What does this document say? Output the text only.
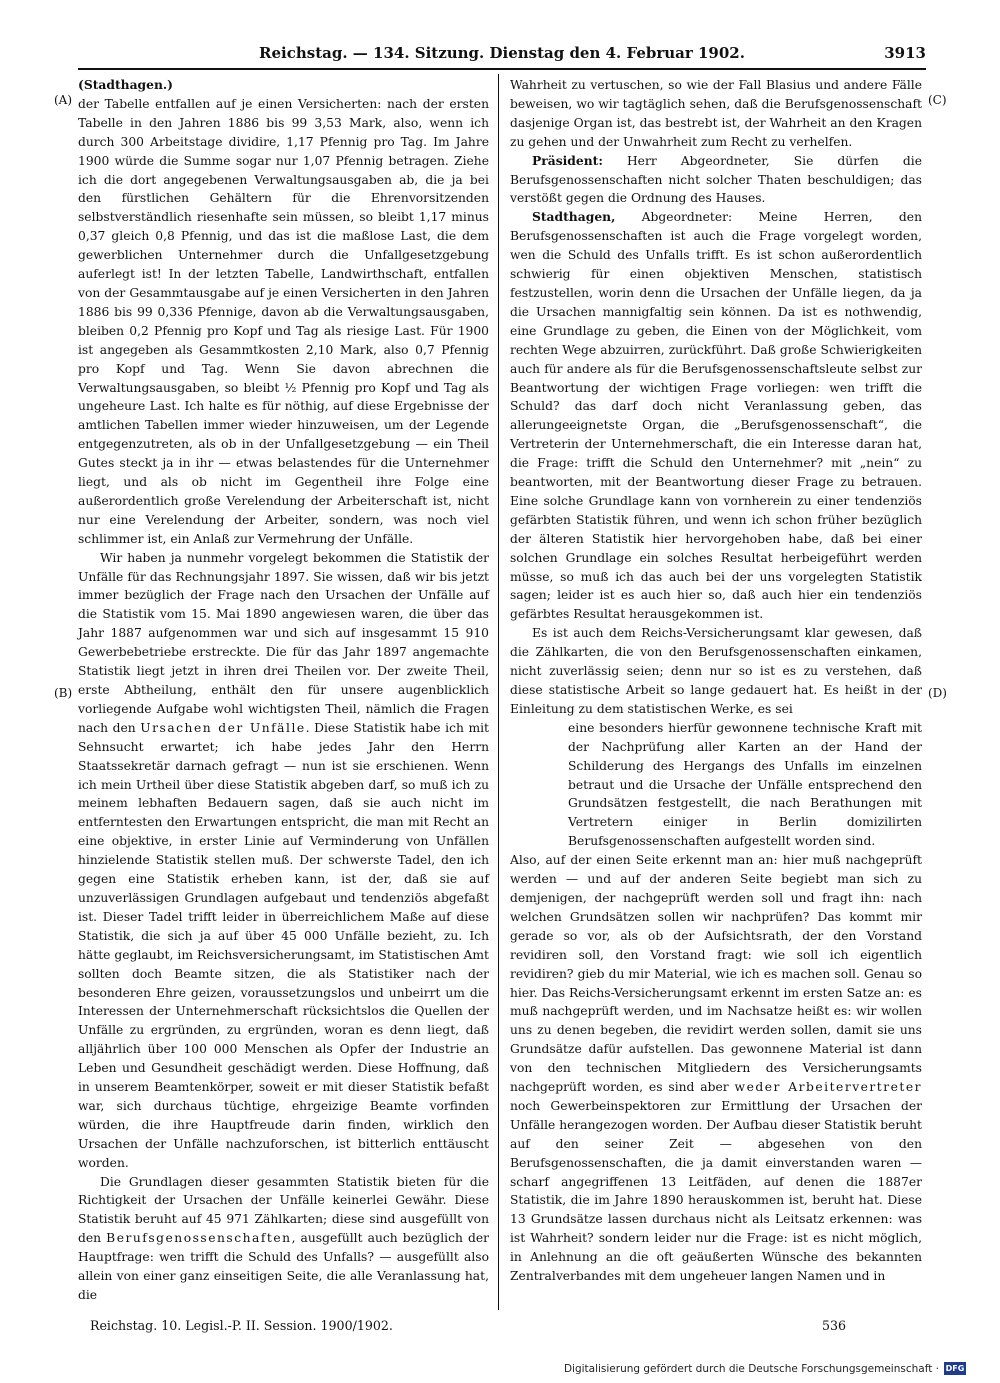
Reichstag. — 134. Sitzung. Dienstag den 4. Februar 1902.	3913
(A)
(B)
(C)
(D)

(Stadthagen.)

der Tabelle entfallen auf je einen Versicherten: nach der ersten Tabelle in den Jahren 1886 bis 99 3,53 Mark, also, wenn ich durch 300 Arbeitstage dividire, 1,17 Pfennig pro Tag. Im Jahre 1900 würde die Summe sogar nur 1,07 Pfennig betragen. Ziehe ich die dort angegebenen Verwaltungsausgaben ab, die ja bei den fürstlichen Gehältern für die Ehrenvorsitzenden selbstverständlich riesenhafte sein müssen, so bleibt 1,17 minus 0,37 gleich 0,8 Pfennig, und das ist die maßlose Last, die dem gewerblichen Unternehmer durch die Unfallgesetzgebung auferlegt ist! In der letzten Tabelle, Landwirthschaft, entfallen von der Gesammtausgabe auf je einen Versicherten in den Jahren 1886 bis 99 0,336 Pfennige, davon ab die Verwaltungsausgaben, bleiben 0,2 Pfennig pro Kopf und Tag als riesige Last. Für 1900 ist angegeben als Gesammtkosten 2,10 Mark, also 0,7 Pfennig pro Kopf und Tag. Wenn Sie davon abrechnen die Verwaltungsausgaben, so bleibt ½ Pfennig pro Kopf und Tag als ungeheure Last. Ich halte es für nöthig, auf diese Ergebnisse der amtlichen Tabellen immer wieder hinzuweisen, um der Legende entgegenzutreten, als ob in der Unfallgesetzgebung — ein Theil Gutes steckt ja in ihr — etwas belastendes für die Unternehmer liegt, und als ob nicht im Gegentheil ihre Folge eine außerordentlich große Verelendung der Arbeiterschaft ist, nicht nur eine Verelendung der Arbeiter, sondern, was noch viel schlimmer ist, ein Anlaß zur Vermehrung der Unfälle.

Wir haben ja nunmehr vorgelegt bekommen die Statistik der Unfälle für das Rechnungsjahr 1897. Sie wissen, daß wir bis jetzt immer bezüglich der Frage nach den Ursachen der Unfälle auf die Statistik vom 15. Mai 1890 angewiesen waren, die über das Jahr 1887 aufgenommen war und sich auf insgesammt 15 910 Gewerbebetriebe erstreckte. Die für das Jahr 1897 angemachte Statistik liegt jetzt in ihren drei Theilen vor. Der zweite Theil, erste Abtheilung, enthält den für unsere augenblicklich vorliegende Aufgabe wohl wichtigsten Theil, nämlich die Fragen nach den Ursachen der Unfälle. Diese Statistik habe ich mit Sehnsucht erwartet; ich habe jedes Jahr den Herrn Staatssekretär darnach gefragt — nun ist sie erschienen. Wenn ich mein Urtheil über diese Statistik abgeben darf, so muß ich zu meinem lebhaften Bedauern sagen, daß sie auch nicht im entferntesten den Erwartungen entspricht, die man mit Recht an eine objektive, in erster Linie auf Verminderung von Unfällen hinzielende Statistik stellen muß. Der schwerste Tadel, den ich gegen eine Statistik erheben kann, ist der, daß sie auf unzuverlässigen Grundlagen aufgebaut und tendenziös abgefaßt ist. Dieser Tadel trifft leider in überreichlichem Maße auf diese Statistik, die sich ja auf über 45 000 Unfälle bezieht, zu. Ich hätte geglaubt, im Reichsversicherungsamt, im Statistischen Amt sollten doch Beamte sitzen, die als Statistiker nach der besonderen Ehre geizen, voraussetzungslos und unbeirrt um die Interessen der Unternehmerschaft rücksichtslos die Quellen der Unfälle zu ergründen, zu ergründen, woran es denn liegt, daß alljährlich über 100 000 Menschen als Opfer der Industrie an Leben und Gesundheit geschädigt werden. Diese Hoffnung, daß in unserem Beamtenkörper, soweit er mit dieser Statistik befaßt war, sich durchaus tüchtige, ehrgeizige Beamte vorfinden würden, die ihre Hauptfreude darin finden, wirklich den Ursachen der Unfälle nachzuforschen, ist bitterlich enttäuscht worden.

Die Grundlagen dieser gesammten Statistik bieten für die Richtigkeit der Ursachen der Unfälle keinerlei Gewähr. Diese Statistik beruht auf 45 971 Zählkarten; diese sind ausgefüllt von den Berufsgenossenschaften, ausgefüllt auch bezüglich der Hauptfrage: wen trifft die Schuld des Unfalls? — ausgefüllt also allein von einer ganz einseitigen Seite, die alle Veranlassung hat, die

Wahrheit zu vertuschen, so wie der Fall Blasius und andere Fälle beweisen, wo wir tagtäglich sehen, daß die Berufsgenossenschaft dasjenige Organ ist, das bestrebt ist, der Wahrheit an den Kragen zu gehen und der Unwahrheit zum Recht zu verhelfen.

Präsident: Herr Abgeordneter, Sie dürfen die Berufsgenossenschaften nicht solcher Thaten beschuldigen; das verstößt gegen die Ordnung des Hauses.

Stadthagen, Abgeordneter: Meine Herren, den Berufsgenossenschaften ist auch die Frage vorgelegt worden, wen die Schuld des Unfalls trifft. Es ist schon außerordentlich schwierig für einen objektiven Menschen, statistisch festzustellen, worin denn die Ursachen der Unfälle liegen, da ja die Ursachen mannigfaltig sein können. Da ist es nothwendig, eine Grundlage zu geben, die Einen von der Möglichkeit, vom rechten Wege abzuirren, zurückführt. Daß große Schwierigkeiten auch für andere als für die Berufsgenossenschaftsleute selbst zur Beantwortung der wichtigen Frage vorliegen: wen trifft die Schuld? das darf doch nicht Veranlassung geben, das allerungeeignetste Organ, die „Berufsgenossenschaft“, die Vertreterin der Unternehmerschaft, die ein Interesse daran hat, die Frage: trifft die Schuld den Unternehmer? mit „nein“ zu beantworten, mit der Beantwortung dieser Frage zu betrauen. Eine solche Grundlage kann von vornherein zu einer tendenziös gefärbten Statistik führen, und wenn ich schon früher bezüglich der älteren Statistik hier hervorgehoben habe, daß bei einer solchen Grundlage ein solches Resultat herbeigeführt werden müsse, so muß ich das auch bei der uns vorgelegten Statistik sagen; leider ist es auch hier so, daß auch hier ein tendenziös gefärbtes Resultat herausgekommen ist.

Es ist auch dem Reichs-Versicherungsamt klar gewesen, daß die Zählkarten, die von den Berufsgenossenschaften einkamen, nicht zuverlässig seien; denn nur so ist es zu verstehen, daß diese statistische Arbeit so lange gedauert hat. Es heißt in der Einleitung zu dem statistischen Werke, es sei

eine besonders hierfür gewonnene technische Kraft mit der Nachprüfung aller Karten an der Hand der Schilderung des Hergangs des Unfalls im einzelnen betraut und die Ursache der Unfälle entsprechend den Grundsätzen festgestellt, die nach Berathungen mit Vertretern einiger in Berlin domizilirten Berufsgenossenschaften aufgestellt worden sind.

Also, auf der einen Seite erkennt man an: hier muß nachgeprüft werden — und auf der anderen Seite begiebt man sich zu demjenigen, der nachgeprüft werden soll und fragt ihn: nach welchen Grundsätzen sollen wir nachprüfen? Das kommt mir gerade so vor, als ob der Aufsichtsrath, der den Vorstand revidiren soll, den Vorstand fragt: wie soll ich eigentlich revidiren? gieb du mir Material, wie ich es machen soll. Genau so hier. Das Reichs-Versicherungsamt erkennt im ersten Satze an: es muß nachgeprüft werden, und im Nachsatze heißt es: wir wollen uns zu denen begeben, die revidirt werden sollen, damit sie uns Grundsätze dafür aufstellen. Das gewonnene Material ist dann von den technischen Mitgliedern des Versicherungsamts nachgeprüft worden, es sind aber weder Arbeitervertreter noch Gewerbeinspektoren zur Ermittlung der Ursachen der Unfälle herangezogen worden. Der Aufbau dieser Statistik beruht auf den seiner Zeit — abgesehen von den Berufsgenossenschaften, die ja damit einverstanden waren — scharf angegriffenen 13 Leitfäden, auf denen die 1887er Statistik, die im Jahre 1890 herauskommen ist, beruht hat. Diese 13 Grundsätze lassen durchaus nicht als Leitsatz erkennen: was ist Wahrheit? sondern leider nur die Frage: ist es nicht möglich, in Anlehnung an die oft geäußerten Wünsche des bekannten Zentralverbandes mit dem ungeheuer langen Namen und in

Reichstag. 10. Legisl.-P. II. Session. 1900/1902.	536
Digitalisierung gefördert durch die Deutsche Forschungsgemeinschaft · DFG
